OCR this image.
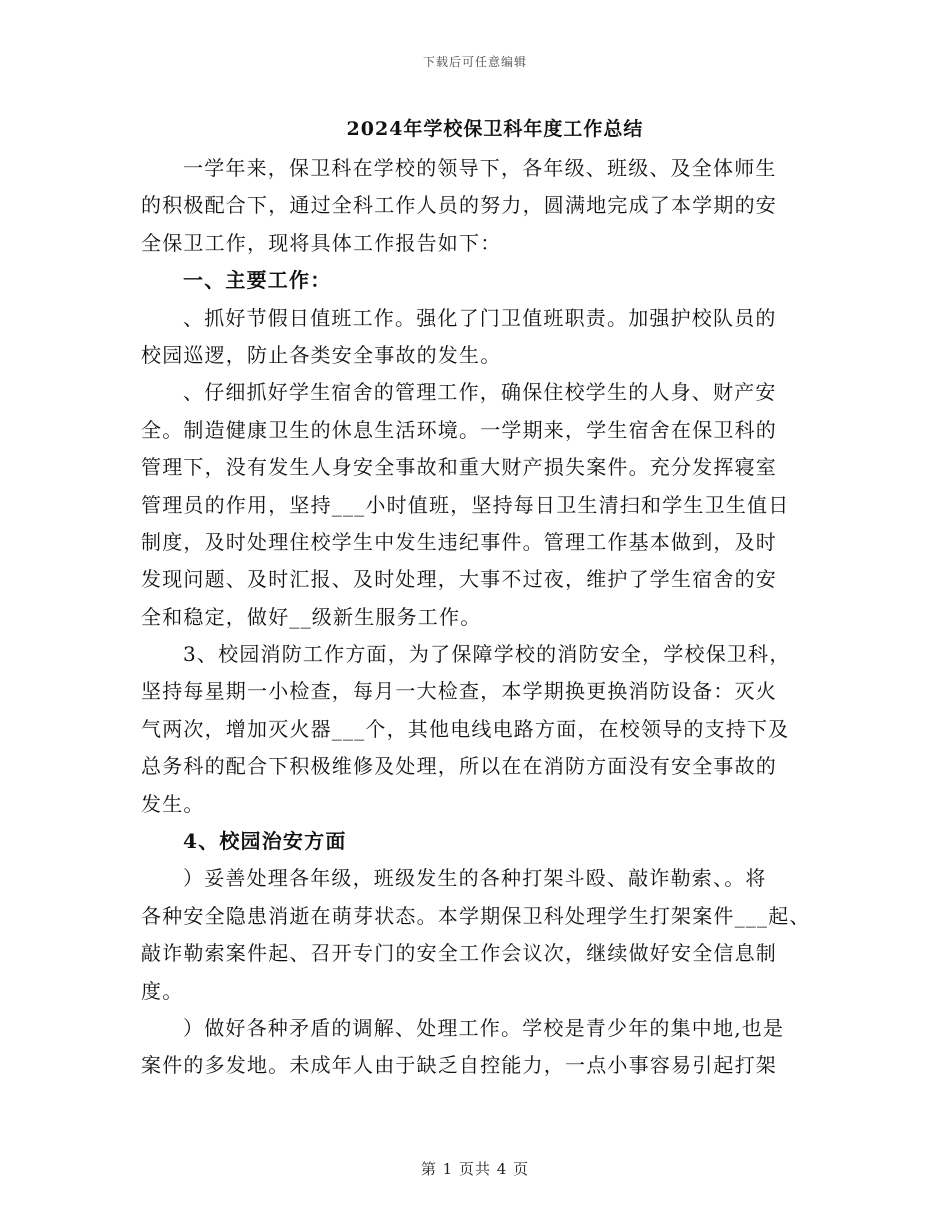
下载后可任意编辑
2024年学校保卫科年度工作总结
一学年来，保卫科在学校的领导下，各年级、班级、及全体师生
的积极配合下，通过全科工作人员的努力，圆满地完成了本学期的安
全保卫工作，现将具体工作报告如下：
一、主要工作：
、抓好节假日值班工作。强化了门卫值班职责。加强护校队员的
校园巡逻，防止各类安全事故的发生。
、仔细抓好学生宿舍的管理工作，确保住校学生的人身、财产安
全。制造健康卫生的休息生活环境。一学期来，学生宿舍在保卫科的
管理下，没有发生人身安全事故和重大财产损失案件。充分发挥寝室
管理员的作用，坚持___小时值班，坚持每日卫生清扫和学生卫生值日
制度，及时处理住校学生中发生违纪事件。管理工作基本做到，及时
发现问题、及时汇报、及时处理，大事不过夜，维护了学生宿舍的安
全和稳定，做好__级新生服务工作。
3、校园消防工作方面，为了保障学校的消防安全，学校保卫科，
坚持每星期一小检查，每月一大检查，本学期换更换消防设备：灭火
气两次，增加灭火器___个，其他电线电路方面，在校领导的支持下及
总务科的配合下积极维修及处理，所以在在消防方面没有安全事故的
发生。
4、校园治安方面
）妥善处理各年级，班级发生的各种打架斗殴、敲诈勒索、。将
各种安全隐患消逝在萌芽状态。本学期保卫科处理学生打架案件___起、
敲诈勒索案件起、召开专门的安全工作会议次，继续做好安全信息制
度。
）做好各种矛盾的调解、处理工作。学校是青少年的集中地,也是
案件的多发地。未成年人由于缺乏自控能力，一点小事容易引起打架
第 1 页共 4 页
